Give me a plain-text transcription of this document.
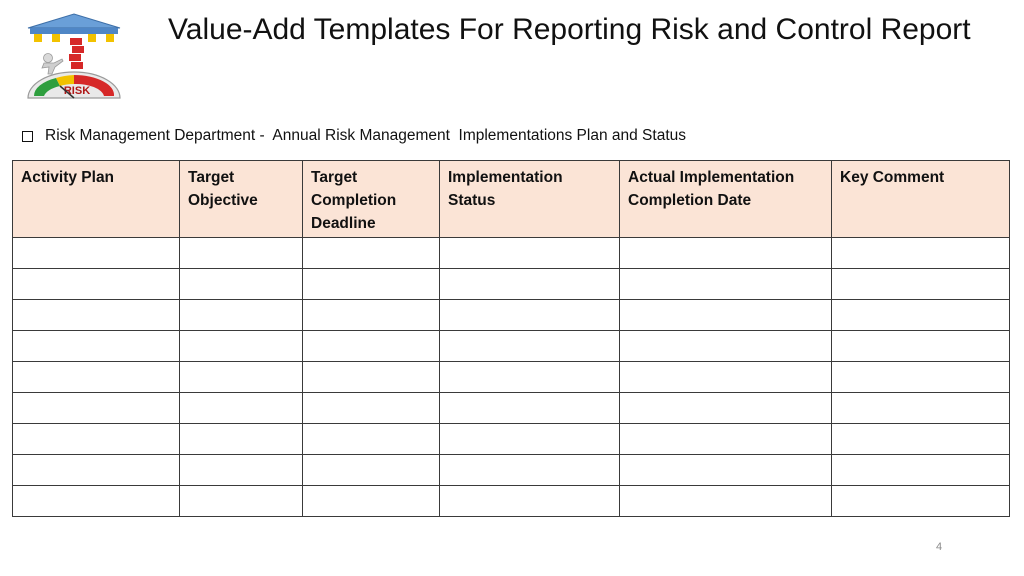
RISK
Value-Add Templates For Reporting Risk and Control Report
Risk Management Department -  Annual Risk Management  Implementations Plan and Status
Activity Plan	Target Objective	Target Completion Deadline	Implementation Status	Actual Implementation Completion Date	Key Comment

4
